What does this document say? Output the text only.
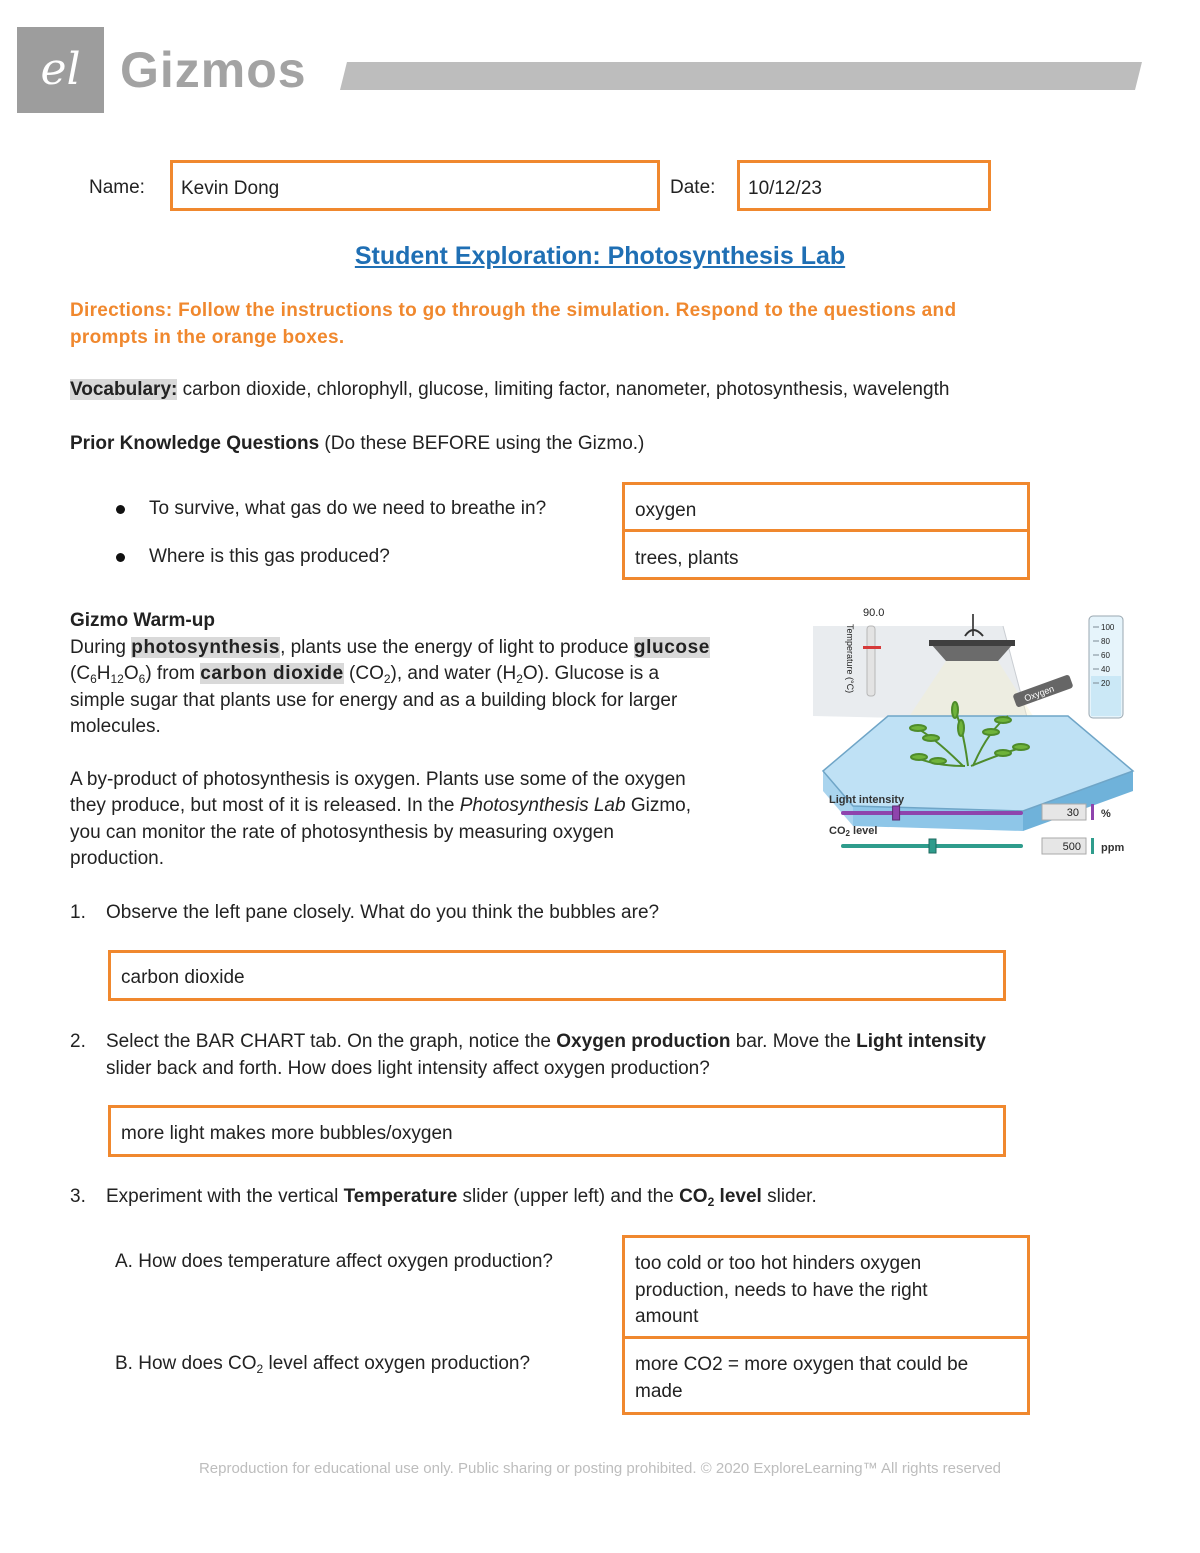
el Gizmos
Name:	Kevin Dong	Date:	10/12/23
Student Exploration: Photosynthesis Lab
Directions: Follow the instructions to go through the simulation. Respond to the questions and
prompts in the orange boxes.
Vocabulary: carbon dioxide, chlorophyll, glucose, limiting factor, nanometer, photosynthesis, wavelength
Prior Knowledge Questions (Do these BEFORE using the Gizmo.)
To survive, what gas do we need to breathe in?	oxygen
Where is this gas produced?	trees, plants
Gizmo Warm-up
During photosynthesis, plants use the energy of light to produce glucose
$(C_6H_{12}O_6)$ from carbon dioxide $(CO_2)$, and water $(H_2O)$. Glucose is a
simple sugar that plants use for energy and as a building block for larger
molecules.
A by-product of photosynthesis is oxygen. Plants use some of the oxygen
they produce, but most of it is released. In the Photosynthesis Lab Gizmo,
you can monitor the rate of photosynthesis by measuring oxygen
production.
90.0
Temperature (°C)
Oxygen
100
80
60
40
20
Light intensity
30 %
CO2 level
500 ppm
1. Observe the left pane closely. What do you think the bubbles are?
carbon dioxide
2. Select the BAR CHART tab. On the graph, notice the Oxygen production bar. Move the Light intensity
slider back and forth. How does light intensity affect oxygen production?
more light makes more bubbles/oxygen
3. Experiment with the vertical Temperature slider (upper left) and the $CO_2$ level slider.
A. How does temperature affect oxygen production?	too cold or too hot hinders oxygen
production, needs to have the right
amount
B. How does $CO_2$ level affect oxygen production?	more CO2 = more oxygen that could be
made
Reproduction for educational use only. Public sharing or posting prohibited. © 2020 ExploreLearning™ All rights reserved
